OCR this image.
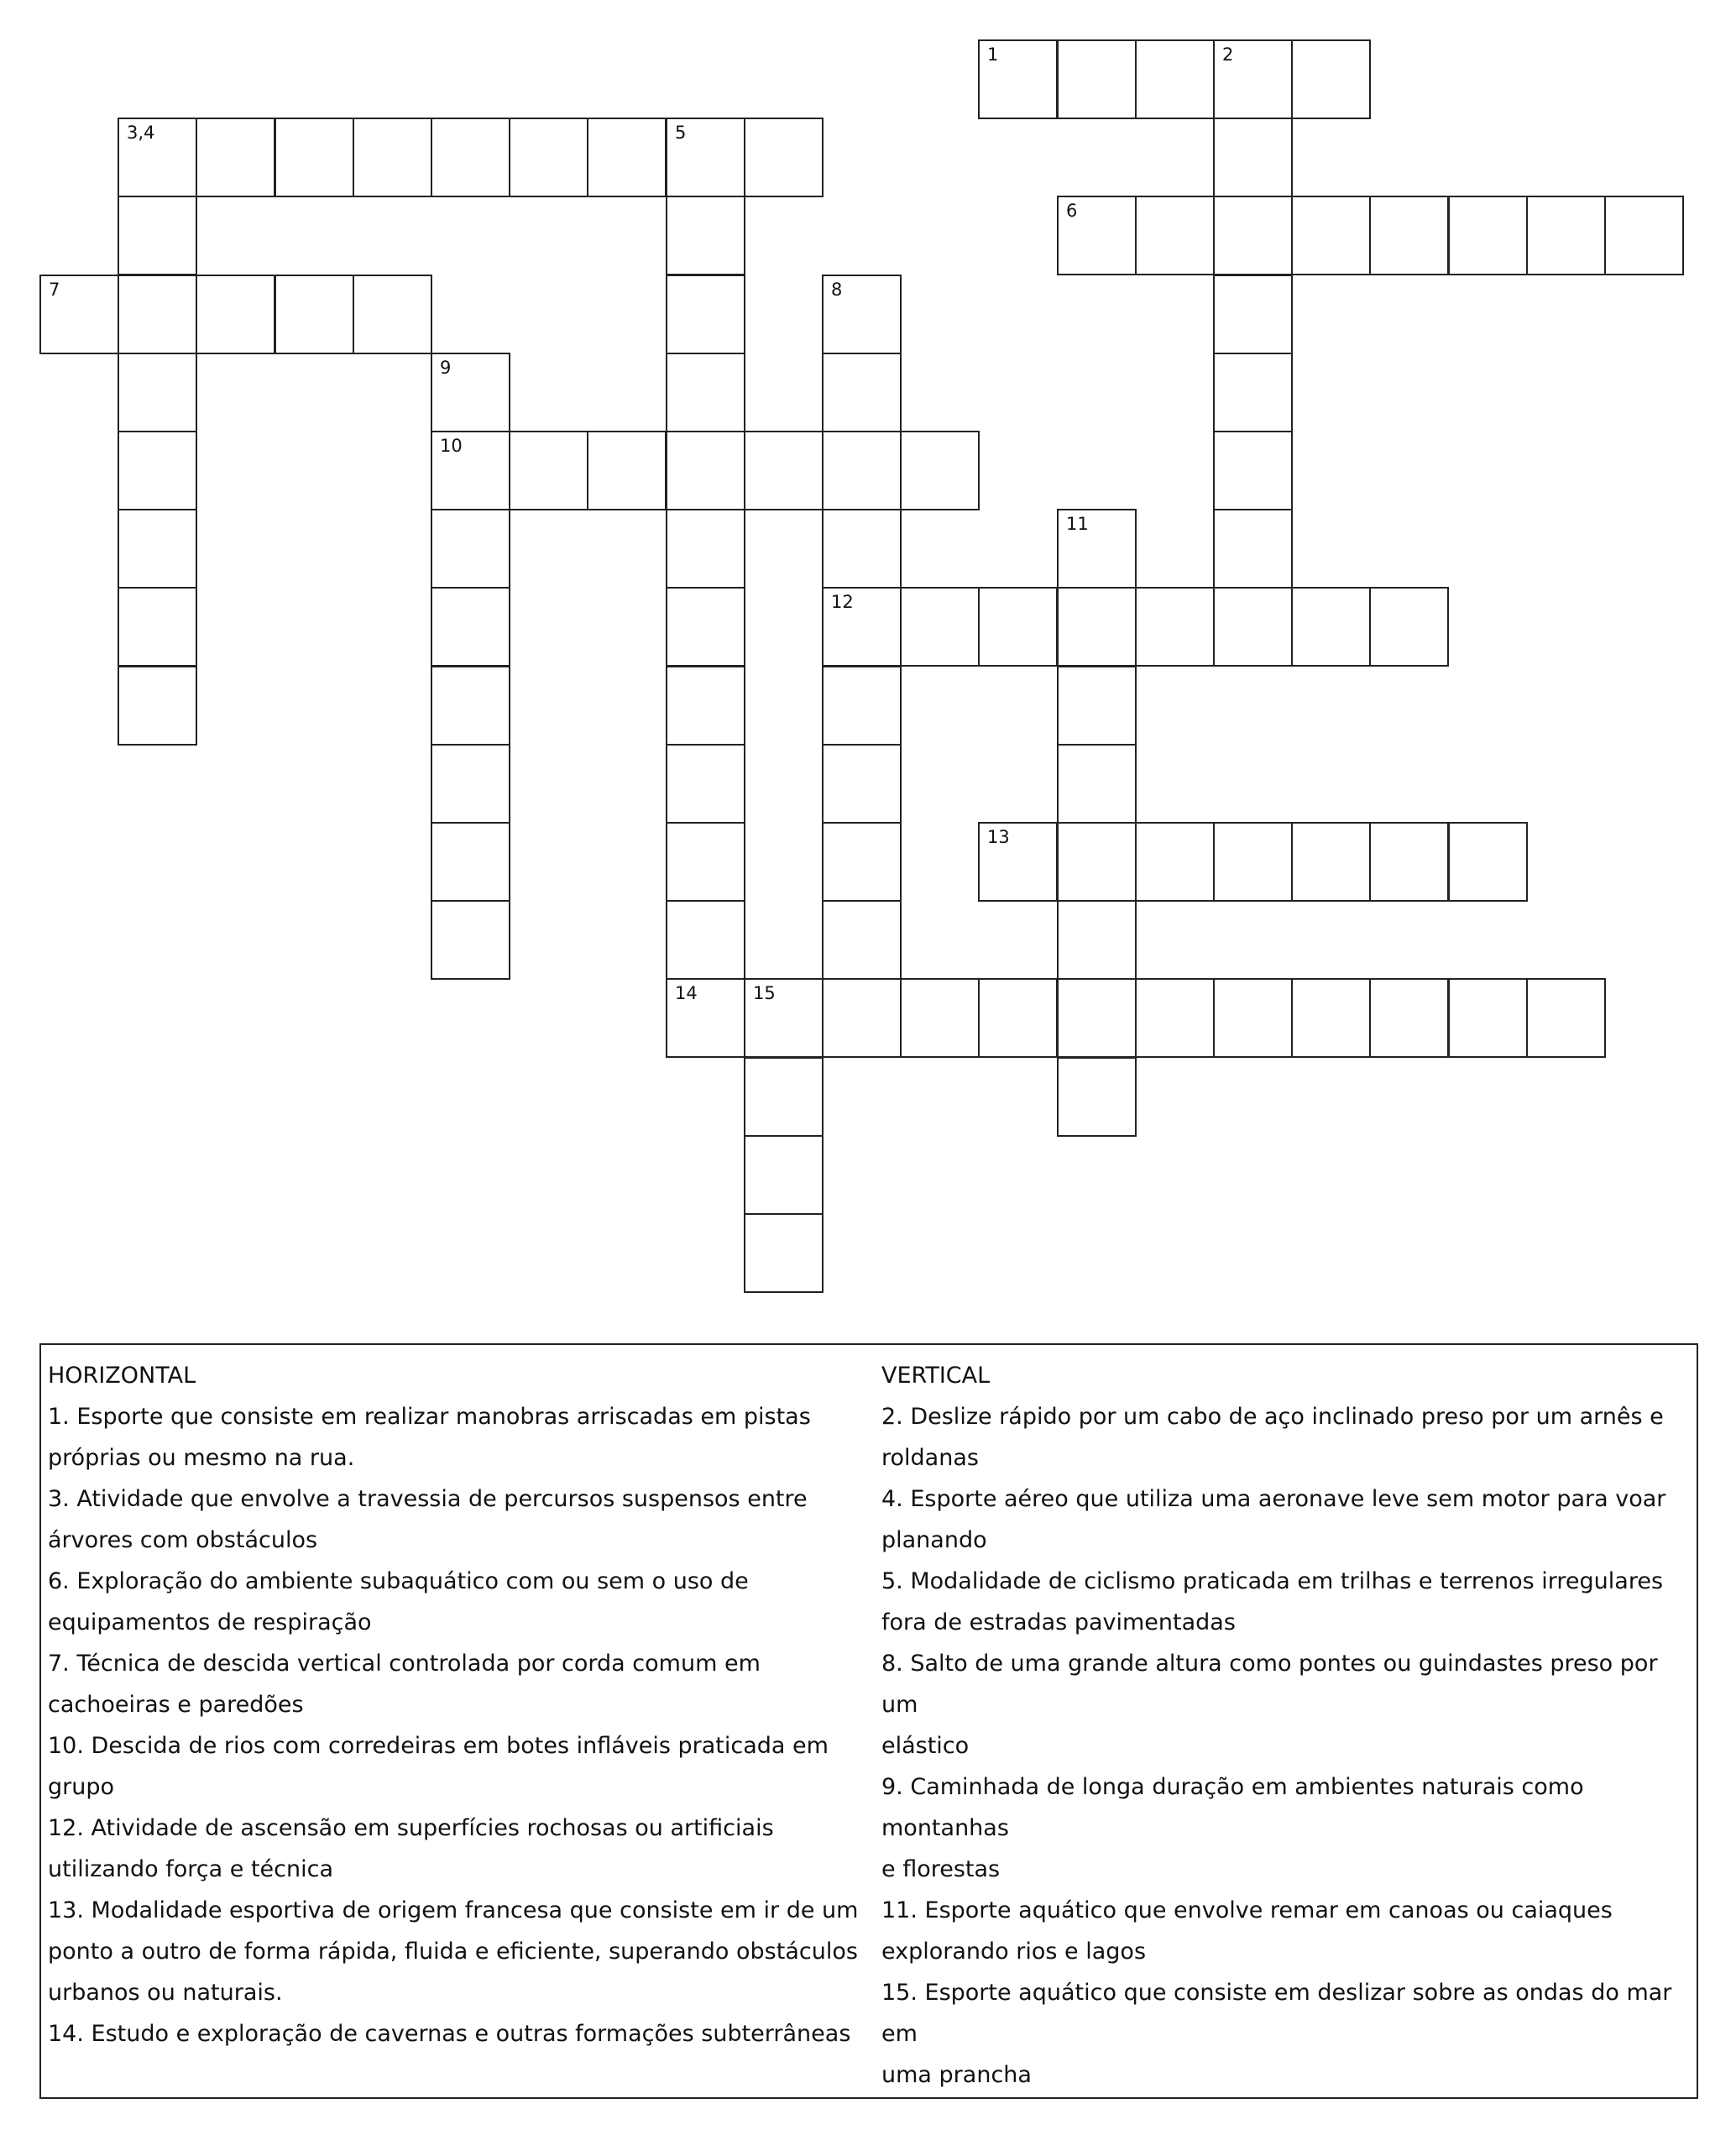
1	2
3,4	5
6
7	8
9
10
11
12
13
14	15
HORIZONTAL
1. Esporte que consiste em realizar manobras arriscadas em pistas
próprias ou mesmo na rua.
3. Atividade que envolve a travessia de percursos suspensos entre
árvores com obstáculos
6. Exploração do ambiente subaquático com ou sem o uso de
equipamentos de respiração
7. Técnica de descida vertical controlada por corda comum em
cachoeiras e paredões
10. Descida de rios com corredeiras em botes infláveis praticada em
grupo
12. Atividade de ascensão em superfícies rochosas ou artificiais
utilizando força e técnica
13. Modalidade esportiva de origem francesa que consiste em ir de um
ponto a outro de forma rápida, fluida e eficiente, superando obstáculos
urbanos ou naturais.
14. Estudo e exploração de cavernas e outras formações subterrâneas
VERTICAL
2. Deslize rápido por um cabo de aço inclinado preso por um arnês e
roldanas
4. Esporte aéreo que utiliza uma aeronave leve sem motor para voar
planando
5. Modalidade de ciclismo praticada em trilhas e terrenos irregulares
fora de estradas pavimentadas
8. Salto de uma grande altura como pontes ou guindastes preso por um
elástico
9. Caminhada de longa duração em ambientes naturais como montanhas
e florestas
11. Esporte aquático que envolve remar em canoas ou caiaques
explorando rios e lagos
15. Esporte aquático que consiste em deslizar sobre as ondas do mar em
uma prancha
